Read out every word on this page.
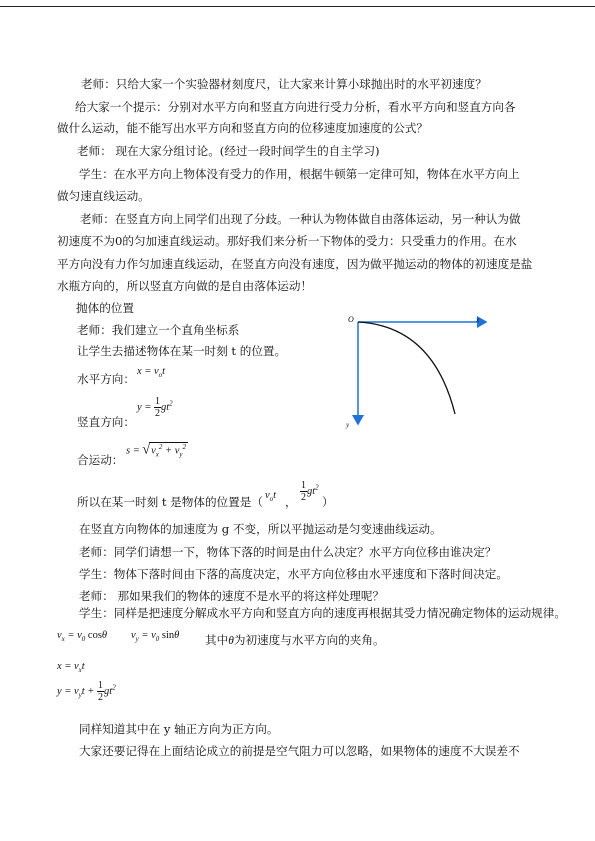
老师：只给大家一个实验器材刻度尺，让大家来计算小球抛出时的水平初速度？
给大家一个提示：分别对水平方向和竖直方向进行受力分析，看水平方向和竖直方向各
做什么运动，能不能写出水平方向和竖直方向的位移速度加速度的公式？
老师： 现在大家分组讨论。(经过一段时间学生的自主学习)
学生：在水平方向上物体没有受力的作用，根据牛顿第一定律可知，物体在水平方向上
做匀速直线运动。
老师：在竖直方向上同学们出现了分歧。一种认为物体做自由落体运动，另一种认为做
初速度不为0的匀加速直线运动。那好我们来分析一下物体的受力：只受重力的作用。在水
平方向没有力作匀加速直线运动，在竖直方向没有速度，因为做平抛运动的物体的初速度是盐
水瓶方向的，所以竖直方向做的是自由落体运动！
抛体的位置
老师：我们建立一个直角坐标系
让学生去描述物体在某一时刻 t 的位置。
O	x
y
水平方向：
$x = v_ot$
$y = \frac{1}{2} gt^2$
竖直方向：
合运动：
$s = √v_x^2 + v_y^2$
所以在某一时刻 t 是物体的位置是（ $v_ot$ ， $\frac{1}{2} gt^2$
）
在竖直方向物体的加速度为 g 不变，所以平抛运动是匀变速曲线运动。
老师：同学们请想一下，物体下落的时间是由什么决定？水平方向位移由谁决定？
学生：物体下落时间由下落的高度决定，水平方向位移由水平速度和下落时间决定。
老师： 那如果我们的物体的速度不是水平的将这样处理呢？
学生：同样是把速度分解成水平方向和竖直方向的速度再根据其受力情况确定物体的运动规律。
$v_x = v_0$ cosθ $v_y = v_0$ sinθ 其中θ为初速度与水平方向的夹角。
$x = v_xt$
$y = v_yt + \frac{1}{2} gt^2$
同样知道其中在 y 轴正方向为正方向。
大家还要记得在上面结论成立的前提是空气阻力可以忽略，如果物体的速度不大误差不
